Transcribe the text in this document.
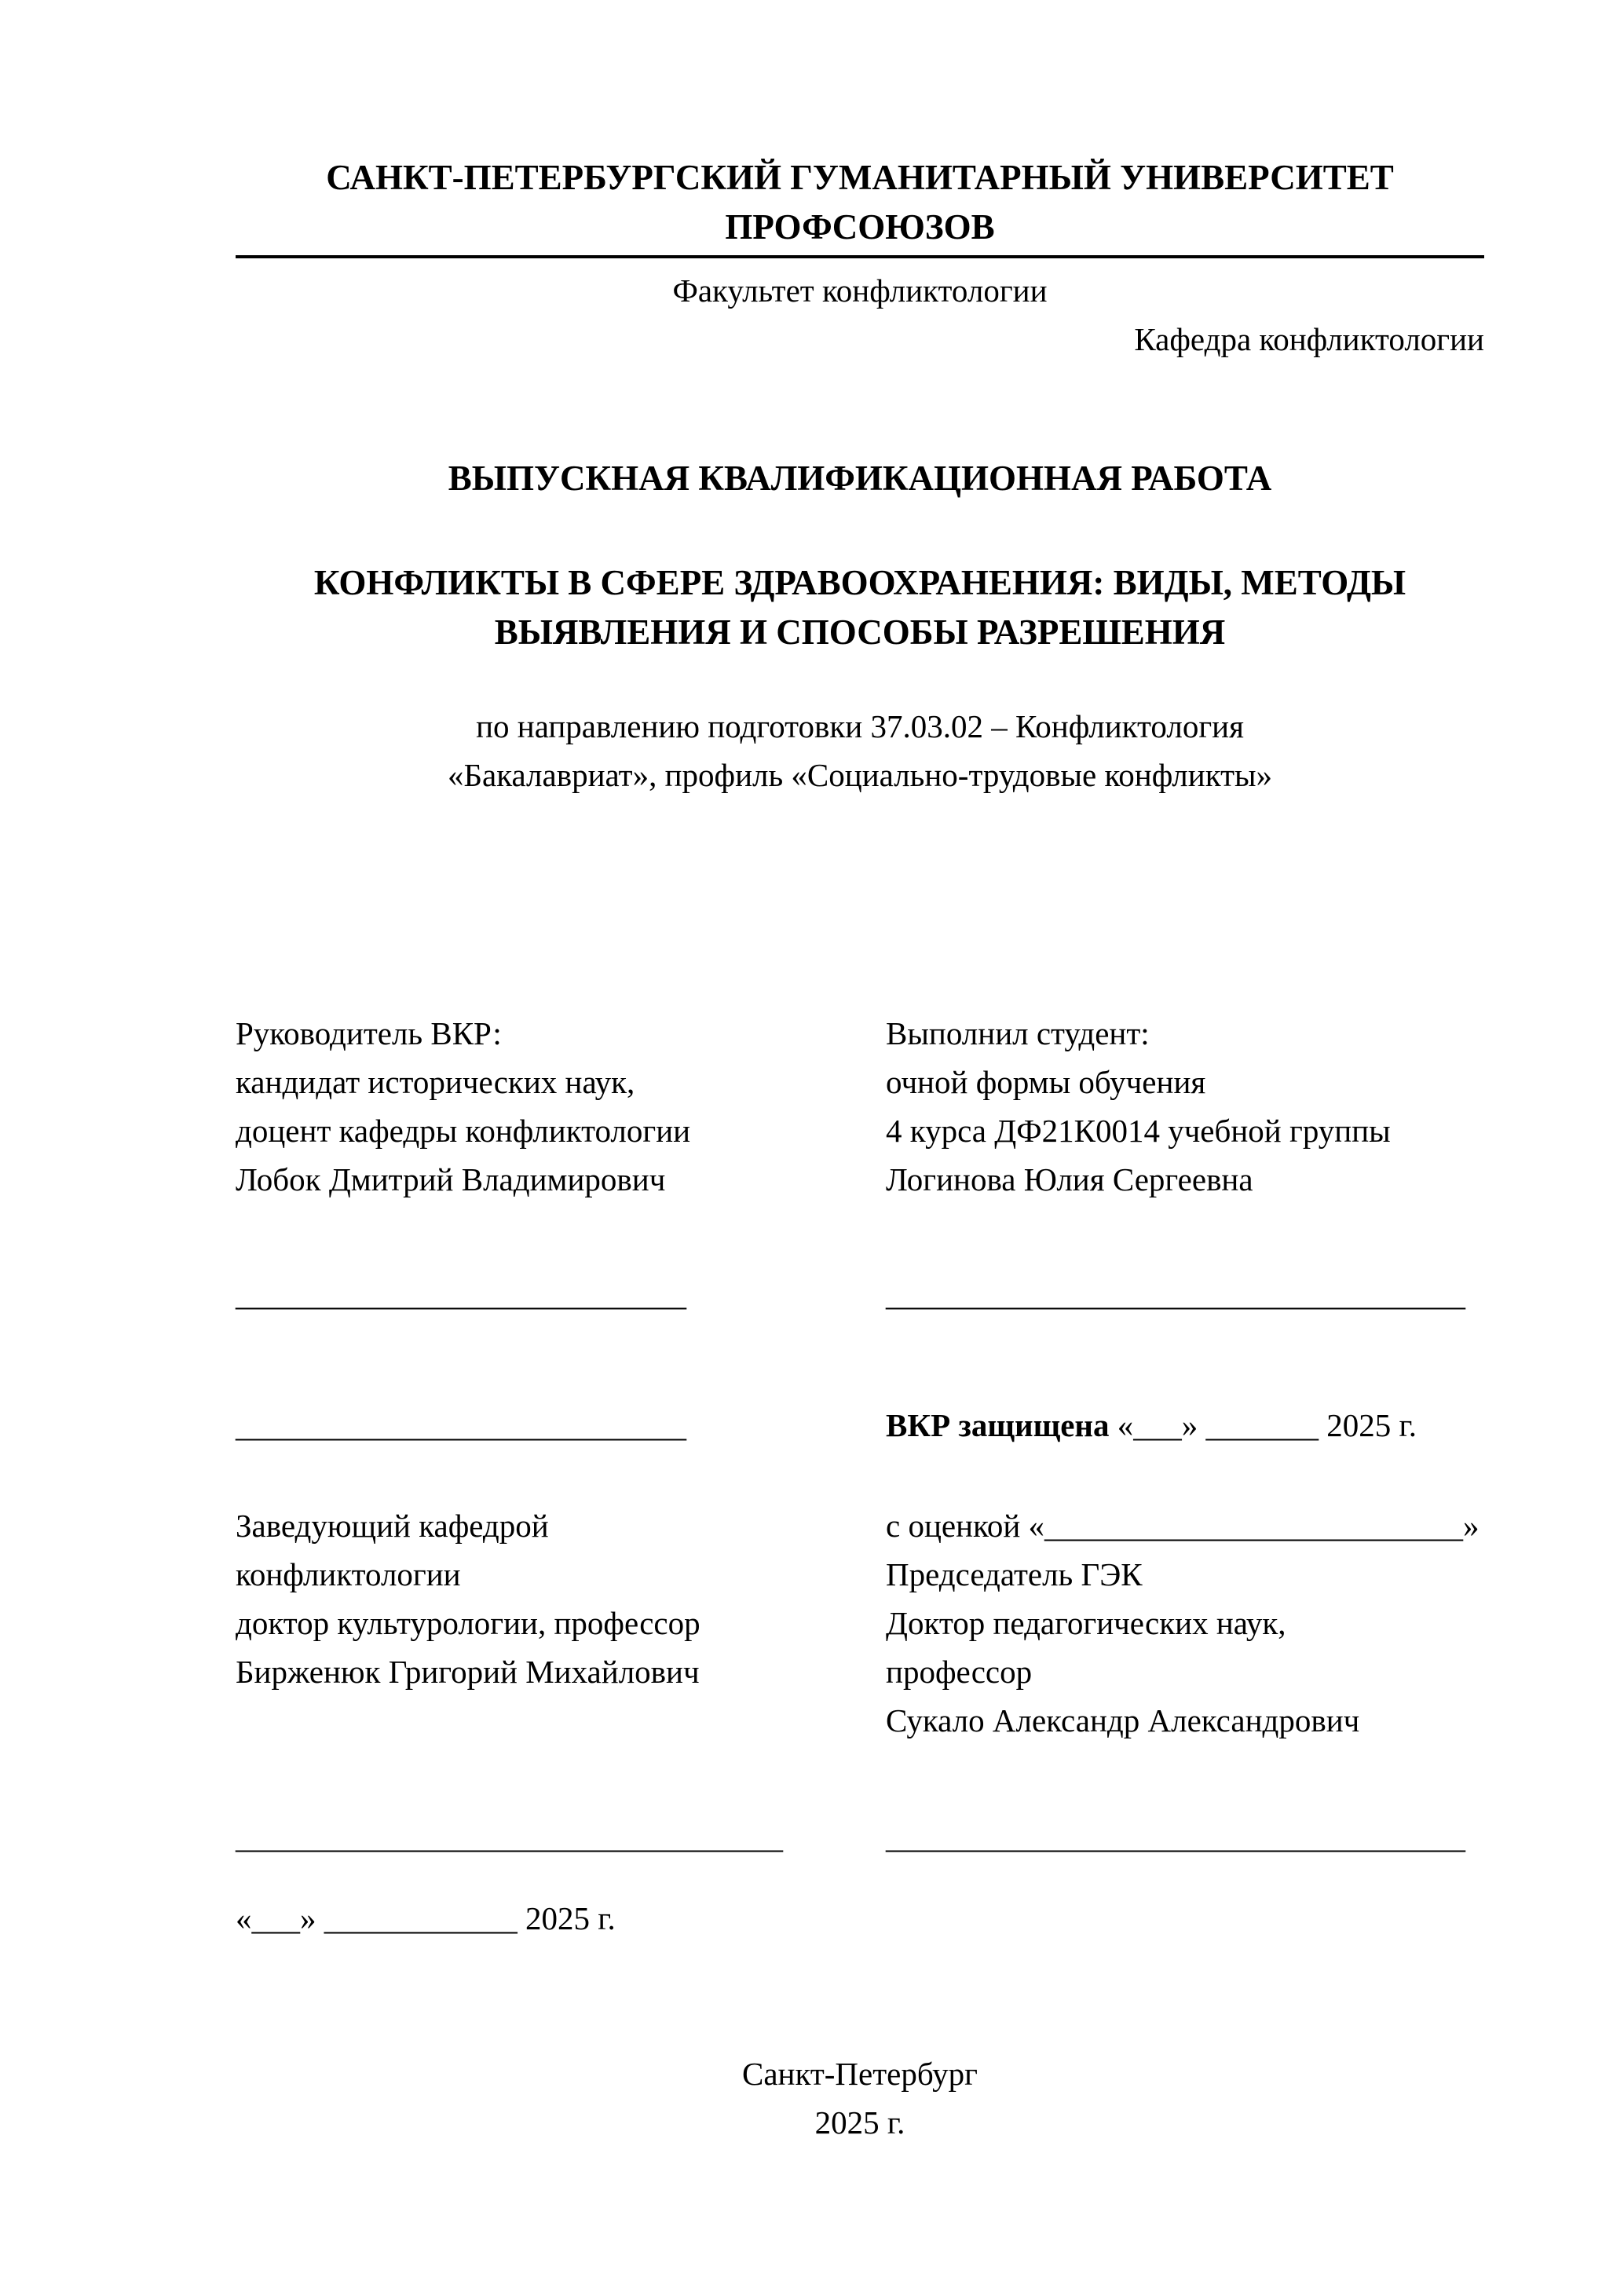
САНКТ-ПЕТЕРБУРГСКИЙ ГУМАНИТАРНЫЙ УНИВЕРСИТЕТ
ПРОФСОЮЗОВ
Факультет конфликтологии
Кафедра конфликтологии
ВЫПУСКНАЯ КВАЛИФИКАЦИОННАЯ РАБОТА
КОНФЛИКТЫ В СФЕРЕ ЗДРАВООХРАНЕНИЯ: ВИДЫ, МЕТОДЫ
ВЫЯВЛЕНИЯ И СПОСОБЫ РАЗРЕШЕНИЯ
по направлению подготовки 37.03.02 – Конфликтология
«Бакалавриат», профиль «Социально-трудовые конфликты»
Руководитель ВКР:
кандидат исторических наук,
доцент кафедры конфликтологии
Лобок Дмитрий Владимирович
____________________________
____________________________
Заведующий кафедрой
конфликтологии
доктор культурологии, профессор
Бирженюк Григорий Михайлович
__________________________________
«___» ____________ 2025 г.
Выполнил студент:
очной формы обучения
4 курса ДФ21К0014 учебной группы
Логинова Юлия Сергеевна
____________________________________
ВКР защищена «___» _______ 2025 г.
с оценкой «__________________________»
Председатель ГЭК
Доктор педагогических наук,
профессор
Сукало Александр Александрович
____________________________________
Санкт-Петербург
2025 г.
